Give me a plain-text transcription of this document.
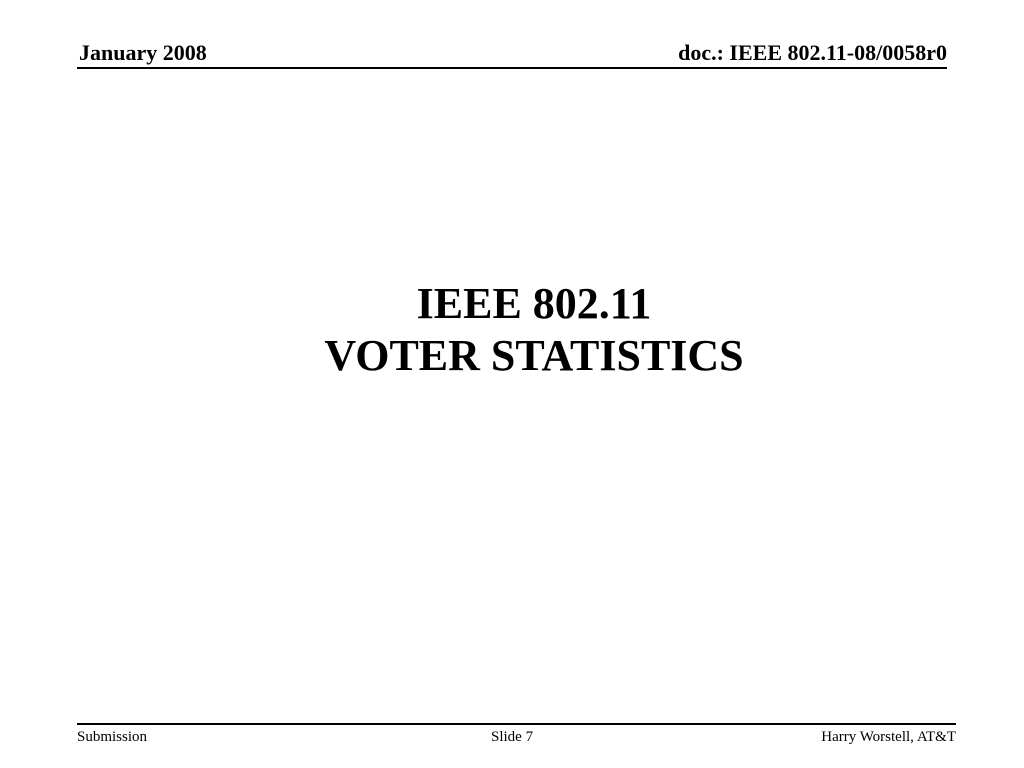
January 2008	doc.: IEEE 802.11-08/0058r0
IEEE 802.11
VOTER STATISTICS
Submission	Slide 7	Harry Worstell, AT&T
